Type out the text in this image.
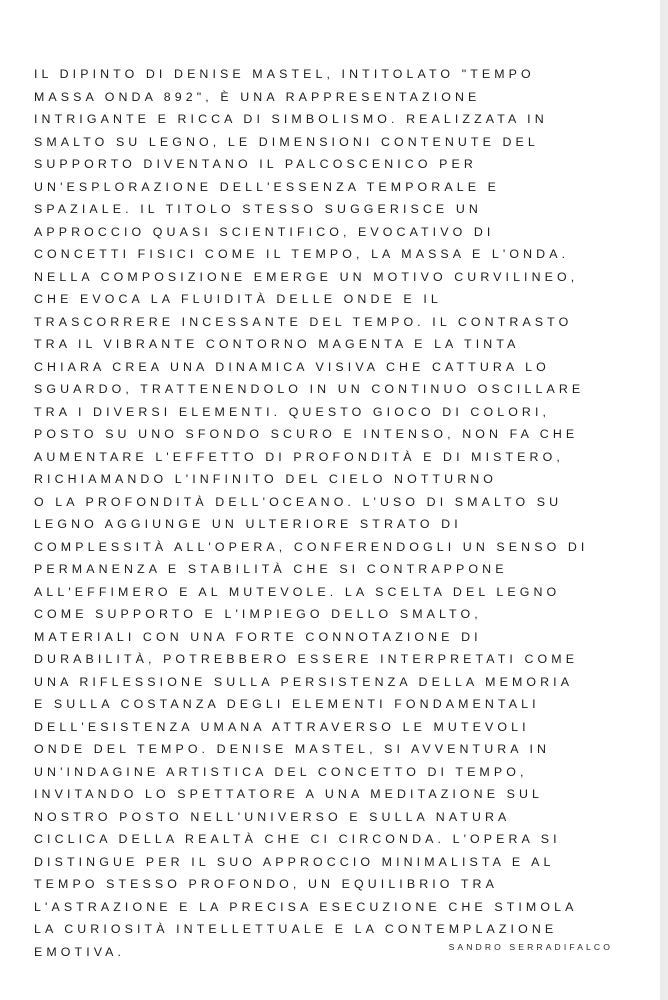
IL DIPINTO DI DENISE MASTEL, INTITOLATO "TEMPO
MASSA ONDA 892", È UNA RAPPRESENTAZIONE
INTRIGANTE E RICCA DI SIMBOLISMO. REALIZZATA IN
SMALTO SU LEGNO, LE DIMENSIONI CONTENUTE DEL
SUPPORTO DIVENTANO IL PALCOSCENICO PER
UN'ESPLORAZIONE DELL'ESSENZA TEMPORALE E
SPAZIALE. IL TITOLO STESSO SUGGERISCE UN
APPROCCIO QUASI SCIENTIFICO, EVOCATIVO DI
CONCETTI FISICI COME IL TEMPO, LA MASSA E L'ONDA.
NELLA COMPOSIZIONE EMERGE UN MOTIVO CURVILINEO,
CHE EVOCA LA FLUIDITÀ DELLE ONDE E IL
TRASCORRERE INCESSANTE DEL TEMPO. IL CONTRASTO
TRA IL VIBRANTE CONTORNO MAGENTA E LA TINTA
CHIARA CREA UNA DINAMICA VISIVA CHE CATTURA LO
SGUARDO, TRATTENENDOLO IN UN CONTINUO OSCILLARE
TRA I DIVERSI ELEMENTI. QUESTO GIOCO DI COLORI,
POSTO SU UNO SFONDO SCURO E INTENSO, NON FA CHE
AUMENTARE L'EFFETTO DI PROFONDITÀ E DI MISTERO,
RICHIAMANDO L'INFINITO DEL CIELO NOTTURNO
O LA PROFONDITÀ DELL'OCEANO. L'USO DI SMALTO SU
LEGNO AGGIUNGE UN ULTERIORE STRATO DI
COMPLESSITÀ ALL'OPERA, CONFERENDOGLI UN SENSO DI
PERMANENZA E STABILITÀ CHE SI CONTRAPPONE
ALL'EFFIMERO E AL MUTEVOLE. LA SCELTA DEL LEGNO
COME SUPPORTO E L'IMPIEGO DELLO SMALTO,
MATERIALI CON UNA FORTE CONNOTAZIONE DI
DURABILITÀ, POTREBBERO ESSERE INTERPRETATI COME
UNA RIFLESSIONE SULLA PERSISTENZA DELLA MEMORIA
E SULLA COSTANZA DEGLI ELEMENTI FONDAMENTALI
DELL'ESISTENZA UMANA ATTRAVERSO LE MUTEVOLI
ONDE DEL TEMPO. DENISE MASTEL, SI AVVENTURA IN
UN'INDAGINE ARTISTICA DEL CONCETTO DI TEMPO,
INVITANDO LO SPETTATORE A UNA MEDITAZIONE SUL
NOSTRO POSTO NELL'UNIVERSO E SULLA NATURA
CICLICA DELLA REALTÀ CHE CI CIRCONDA. L'OPERA SI
DISTINGUE PER IL SUO APPROCCIO MINIMALISTA E AL
TEMPO STESSO PROFONDO, UN EQUILIBRIO TRA
L'ASTRAZIONE E LA PRECISA ESECUZIONE CHE STIMOLA
LA CURIOSITÀ INTELLETTUALE E LA CONTEMPLAZIONE
EMOTIVA.	SANDRO SERRADIFALCO
